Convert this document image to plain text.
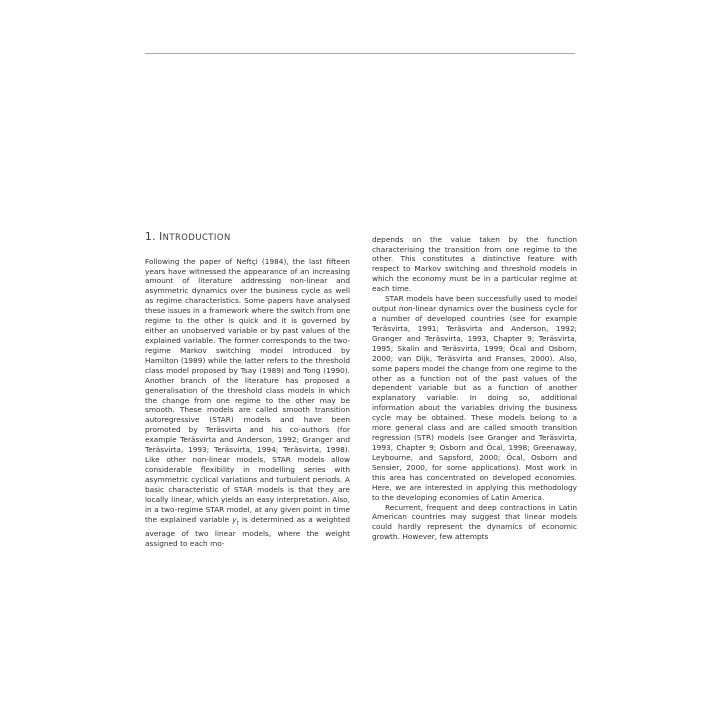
1. INTRODUCTION

Following the paper of Neftçi (1984), the last fifteen years have witnessed the appearance of an increasing amount of literature addressing non-linear and asymmetric dynamics over the business cycle as well as regime characteristics. Some papers have analysed these issues in a framework where the switch from one regime to the other is quick and it is governed by either an unobserved variable or by past values of the explained variable. The former corresponds to the two-regime Markov switching model introduced by Hamilton (1989) while the latter refers to the threshold class model proposed by Tsay (1989) and Tong (1990). Another branch of the literature has proposed a generalisation of the threshold class models in which the change from one regime to the other may be smooth. These models are called smooth transition autoregressive (STAR) models and have been promoted by Teräsvirta and his co-authors (for example Teräsvirta and Anderson, 1992; Granger and Teräsvirta, 1993; Teräsvirta, 1994; Teräsvirta, 1998). Like other non-linear models, STAR models allow considerable flexibility in modelling series with asymmetric cyclical variations and turbulent periods. A basic characteristic of STAR models is that they are locally linear, which yields an easy interpretation. Also, in a two-regime STAR model, at any given point in time the explained variable $y_t$ is determined as a weighted average of two linear models, where the weight assigned to each mo-

depends on the value taken by the function characterising the transition from one regime to the other. This constitutes a distinctive feature with respect to Markov switching and threshold models in which the economy must be in a particular regime at each time.

STAR models have been successfully used to model output non-linear dynamics over the business cycle for a number of developed countries (see for example Teräsvirta, 1991; Teräsvirta and Anderson, 1992; Granger and Teräsvirta, 1993, Chapter 9; Teräsvirta, 1995; Skalin and Teräsvirta, 1999; Öcal and Osborn, 2000; van Dijk, Teräsvirta and Franses, 2000). Also, some papers model the change from one regime to the other as a function not of the past values of the dependent variable but as a function of another explanatory variable. In doing so, additional information about the variables driving the business cycle may be obtained. These models belong to a more general class and are called smooth transition regression (STR) models (see Granger and Teräsvirta, 1993, Chapter 9; Osborn and Öcal, 1998; Greenaway, Leybourne, and Sapsford, 2000; Öcal, Osborn and Sensier, 2000, for some applications). Most work in this area has concentrated on developed economies. Here, we are interested in applying this methodology to the developing economies of Latin America.

Recurrent, frequent and deep contractions in Latin American countries may suggest that linear models could hardly represent the dynamics of economic growth. However, few attempts
